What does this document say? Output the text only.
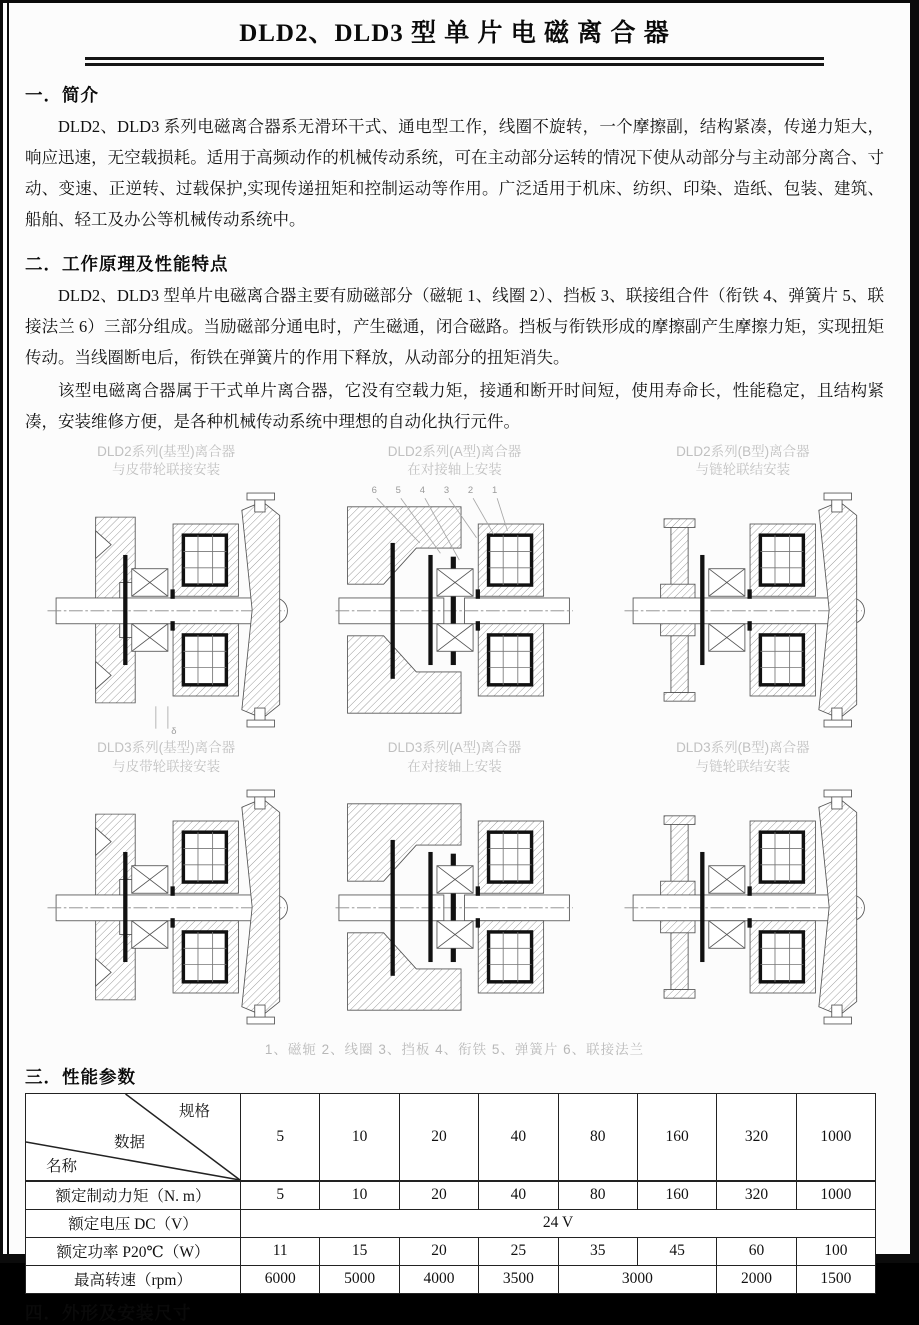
DLD2、DLD3 型 单 片 电 磁 离 合 器
一．简介

DLD2、DLD3 系列电磁离合器系无滑环干式、通电型工作，线圈不旋转，一个摩擦副，结构紧凑，传递力矩大，响应迅速，无空载损耗。适用于高频动作的机械传动系统，可在主动部分运转的情况下使从动部分与主动部分离合、寸动、变速、正逆转、过载保护,实现传递扭矩和控制运动等作用。广泛适用于机床、纺织、印染、造纸、包装、建筑、船舶、轻工及办公等机械传动系统中。

二．工作原理及性能特点

DLD2、DLD3 型单片电磁离合器主要有励磁部分（磁轭 1、线圈 2）、挡板 3、联接组合件（衔铁 4、弹簧片 5、联接法兰 6）三部分组成。当励磁部分通电时，产生磁通，闭合磁路。挡板与衔铁形成的摩擦副产生摩擦力矩，实现扭矩传动。当线圈断电后，衔铁在弹簧片的作用下释放，从动部分的扭矩消失。

该型电磁离合器属于干式单片离合器，它没有空载力矩，接通和断开时间短，使用寿命长，性能稳定，且结构紧凑，安装维修方便，是各种机械传动系统中理想的自动化执行元件。

DLD2系列(基型)离合器
与皮带轮联接安装
δ
DLD2系列(A型)离合器
在对接轴上安装
6 5 4 3 2 1
DLD2系列(B型)离合器
与链轮联结安装
DLD3系列(基型)离合器
与皮带轮联接安装
DLD3系列(A型)离合器
在对接轴上安装
DLD3系列(B型)离合器
与链轮联结安装
1、磁轭 2、线圈 3、挡板 4、衔铁 5、弹簧片 6、联接法兰
三．性能参数
规格
数据
名称	5	10	20	40	80	160	320	1000
额定制动力矩（N. m）	5	10	20	40	80	160	320	1000
额定电压 DC（V）	24 V							
额定功率 P20℃（W）	11	15	20	25	35	45	60	100
最高转速（rpm）	6000	5000	4000	3500	3000		2000	1500
四．外形及安装尺寸
